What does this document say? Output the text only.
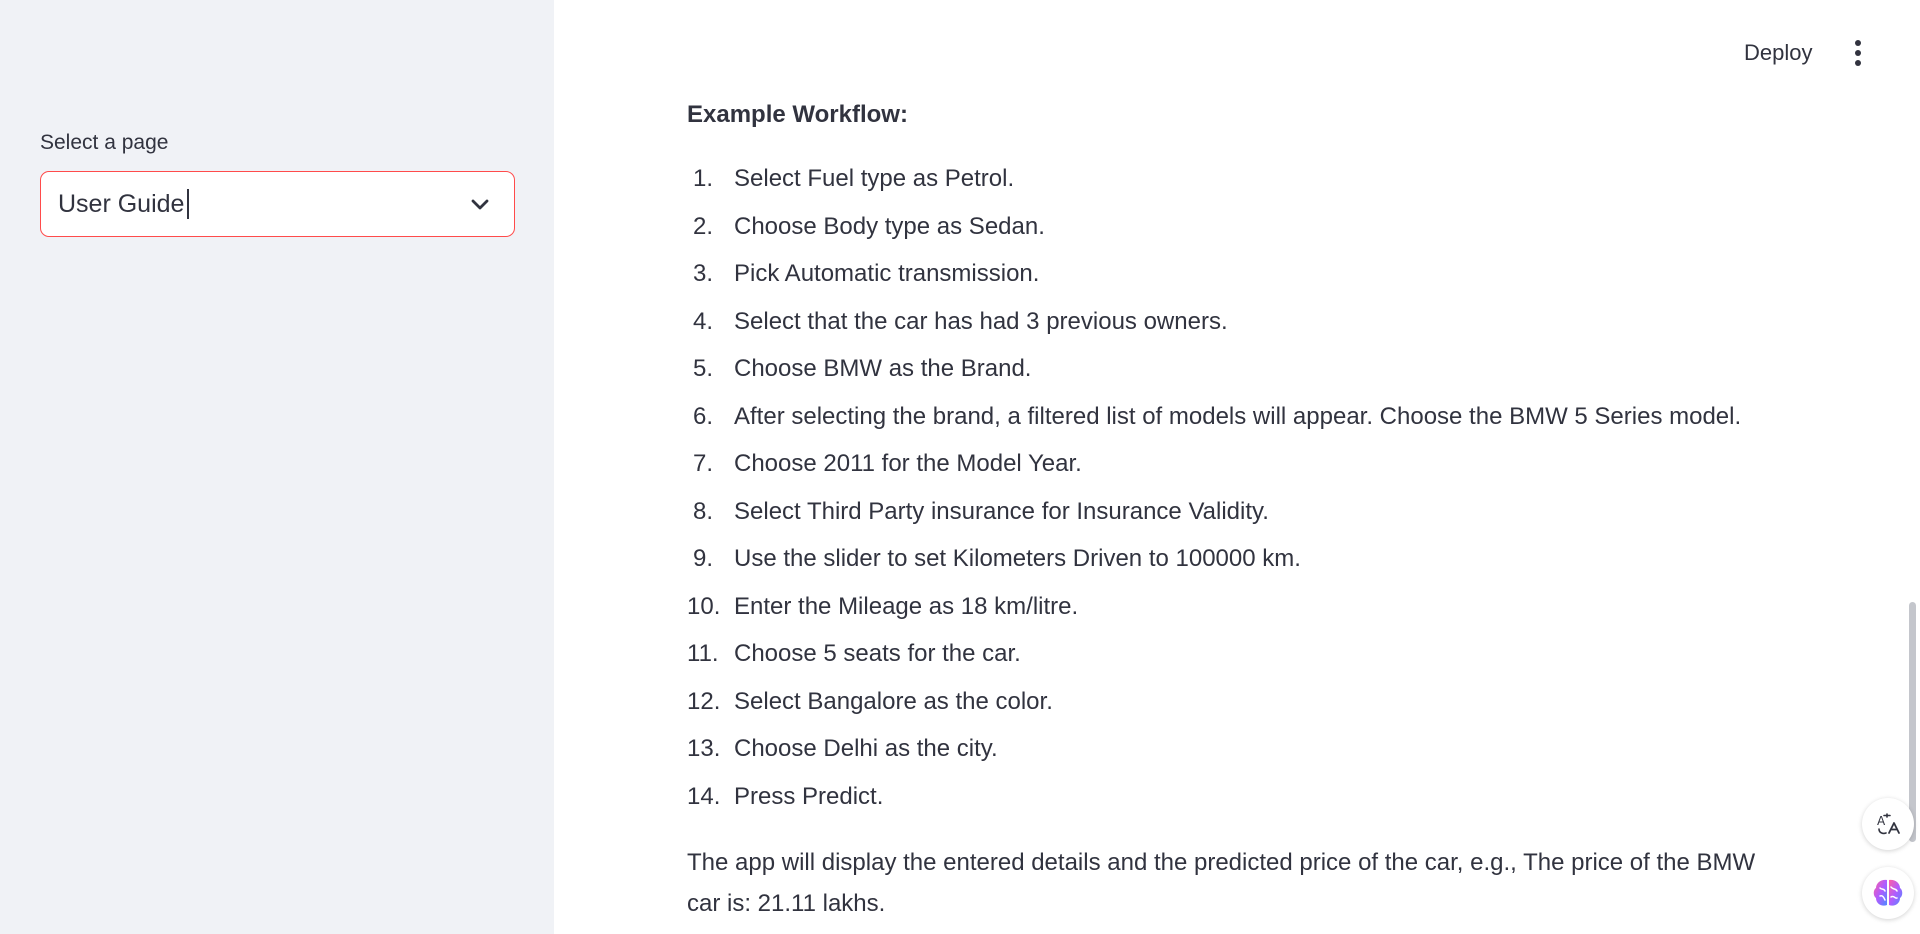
Select a page
User Guide
Deploy
Example Workflow:
1. Select Fuel type as Petrol.
2. Choose Body type as Sedan.
3. Pick Automatic transmission.
4. Select that the car has had 3 previous owners.
5. Choose BMW as the Brand.
6. After selecting the brand, a filtered list of models will appear. Choose the BMW 5 Series model.
7. Choose 2011 for the Model Year.
8. Select Third Party insurance for Insurance Validity.
9. Use the slider to set Kilometers Driven to 100000 km.
10. Enter the Mileage as 18 km/litre.
11. Choose 5 seats for the car.
12. Select Bangalore as the color.
13. Choose Delhi as the city.
14. Press Predict.

The app will display the entered details and the predicted price of the car, e.g., The price of the BMW car is: 21.11 lakhs.

A
